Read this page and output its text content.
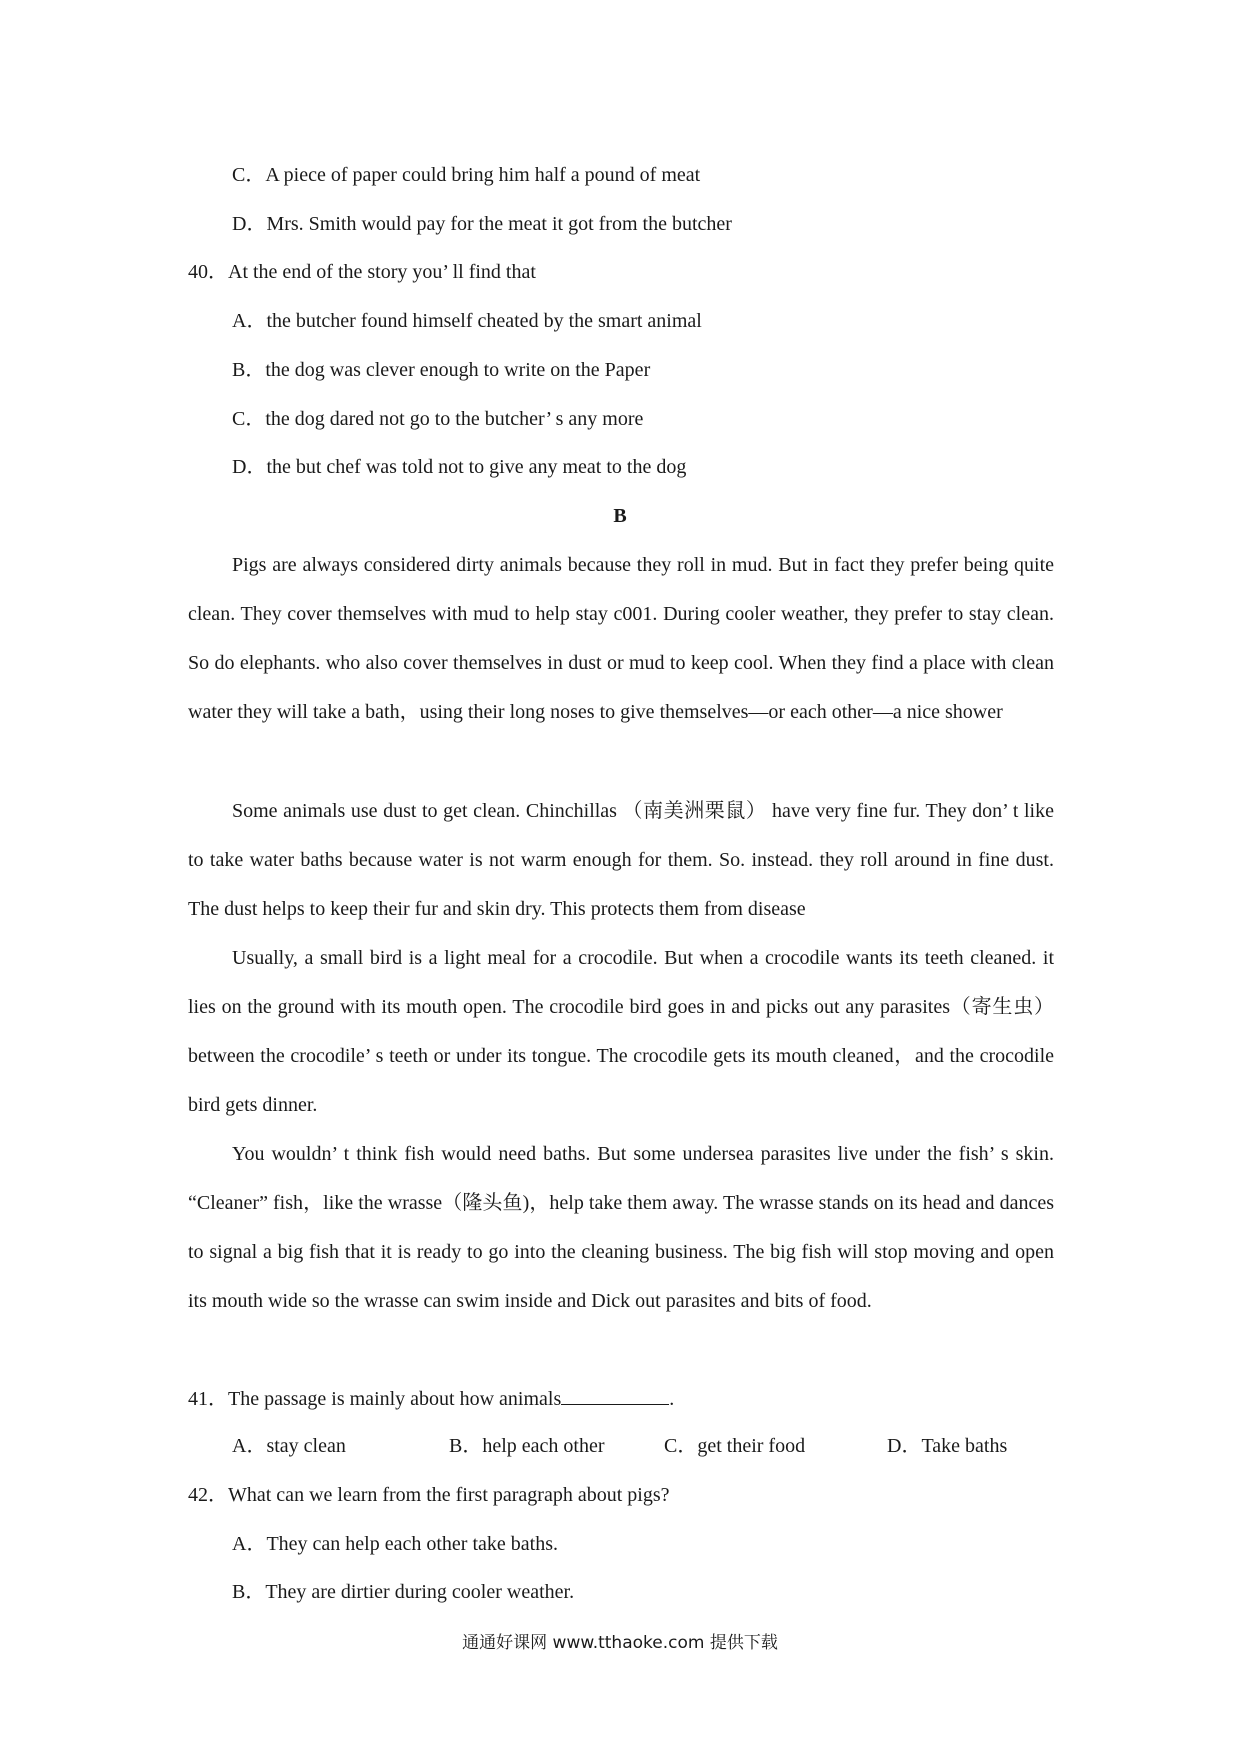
C．A piece of paper could bring him half a pound of meat
D．Mrs. Smith would pay for the meat it got from the butcher
40．At the end of the story you’ ll find that
A．the butcher found himself cheated by the smart animal
B．the dog was clever enough to write on the Paper
C．the dog dared not go to the butcher’ s any more
D．the but chef was told not to give any meat to the dog
B

Pigs are always considered dirty animals because they roll in mud. But in fact they prefer being quite clean. They cover themselves with mud to help stay c001. During cooler weather, they prefer to stay clean. So do elephants. who also cover themselves in dust or mud to keep cool. When they find a place with clean water they will take a bath，using their long noses to give themselves—or each other—a nice shower

Some animals use dust to get clean. Chinchillas （南美洲栗鼠） have very fine fur. They don’ t like to take water baths because water is not warm enough for them. So. instead. they roll around in fine dust. The dust helps to keep their fur and skin dry. This protects them from disease

Usually, a small bird is a light meal for a crocodile. But when a crocodile wants its teeth cleaned. it lies on the ground with its mouth open. The crocodile bird goes in and picks out any parasites（寄生虫）between the crocodile’ s teeth or under its tongue. The crocodile gets its mouth cleaned，and the crocodile bird gets dinner.

You wouldn’ t think fish would need baths. But some undersea parasites live under the fish’ s skin. “Cleaner” fish，like the wrasse（隆头鱼)，help take them away. The wrasse stands on its head and dances to signal a big fish that it is ready to go into the cleaning business. The big fish will stop moving and open its mouth wide so the wrasse can swim inside and Dick out parasites and bits of food.

41．The passage is mainly about how animals	.
A．stay clean	B．help each other	C．get their food	D．Take baths
42．What can we learn from the first paragraph about pigs?
A．They can help each other take baths.
B．They are dirtier during cooler weather.
通通好课网 www.tthaoke.com 提供下载
